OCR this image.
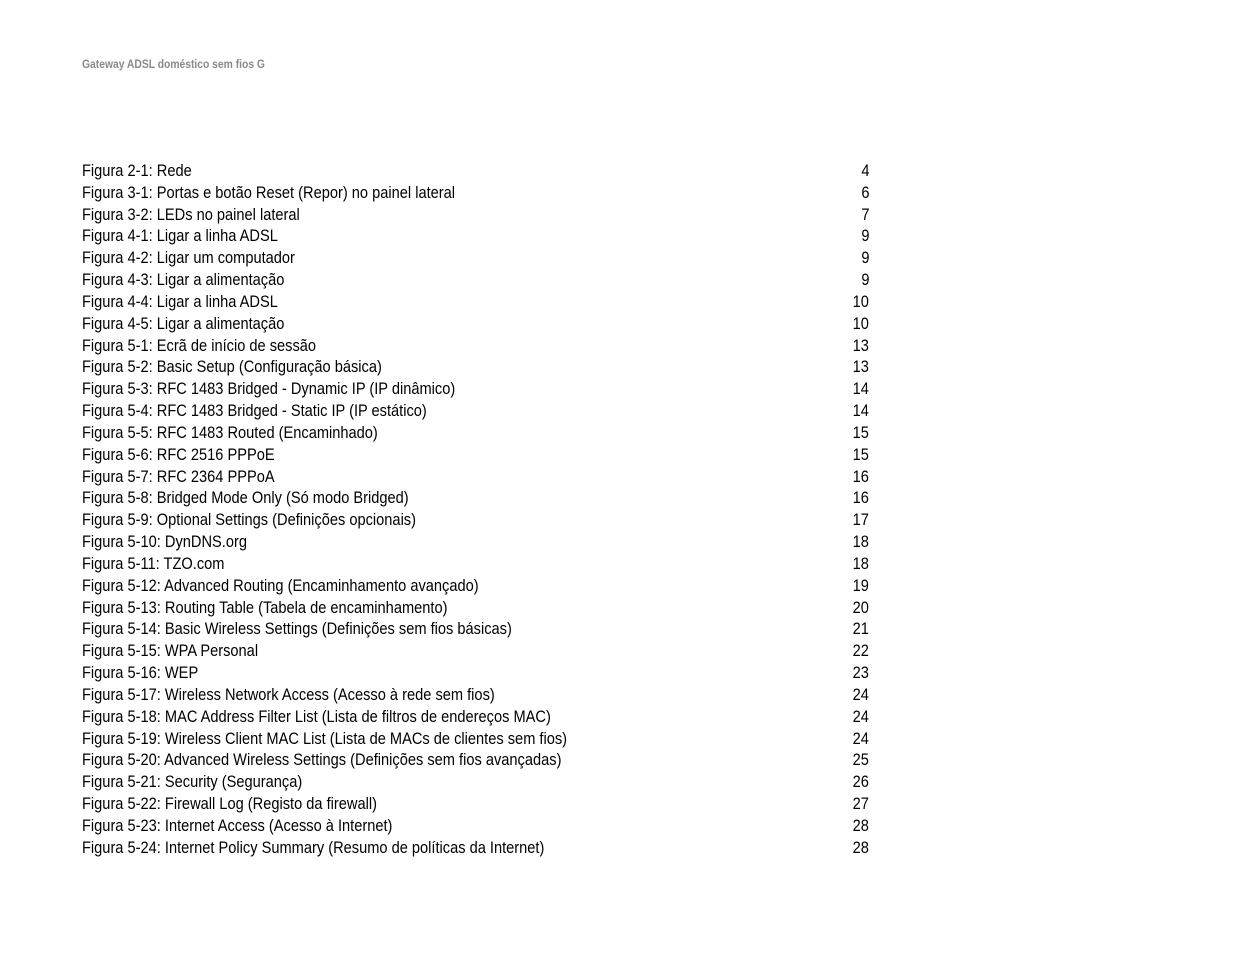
Gateway ADSL doméstico sem fios G
Figura 2-1: Rede	4
Figura 3-1: Portas e botão Reset (Repor) no painel lateral	6
Figura 3-2: LEDs no painel lateral	7
Figura 4-1: Ligar a linha ADSL	9
Figura 4-2: Ligar um computador	9
Figura 4-3: Ligar a alimentação	9
Figura 4-4: Ligar a linha ADSL	10
Figura 4-5: Ligar a alimentação	10
Figura 5-1: Ecrã de início de sessão	13
Figura 5-2: Basic Setup (Configuração básica)	13
Figura 5-3: RFC 1483 Bridged - Dynamic IP (IP dinâmico)	14
Figura 5-4: RFC 1483 Bridged - Static IP (IP estático)	14
Figura 5-5: RFC 1483 Routed (Encaminhado)	15
Figura 5-6: RFC 2516 PPPoE	15
Figura 5-7: RFC 2364 PPPoA	16
Figura 5-8: Bridged Mode Only (Só modo Bridged)	16
Figura 5-9: Optional Settings (Definições opcionais)	17
Figura 5-10: DynDNS.org	18
Figura 5-11: TZO.com	18
Figura 5-12: Advanced Routing (Encaminhamento avançado)	19
Figura 5-13: Routing Table (Tabela de encaminhamento)	20
Figura 5-14: Basic Wireless Settings (Definições sem fios básicas)	21
Figura 5-15: WPA Personal	22
Figura 5-16: WEP	23
Figura 5-17: Wireless Network Access (Acesso à rede sem fios)	24
Figura 5-18: MAC Address Filter List (Lista de filtros de endereços MAC)	24
Figura 5-19: Wireless Client MAC List (Lista de MACs de clientes sem fios)	24
Figura 5-20: Advanced Wireless Settings (Definições sem fios avançadas)	25
Figura 5-21: Security (Segurança)	26
Figura 5-22: Firewall Log (Registo da firewall)	27
Figura 5-23: Internet Access (Acesso à Internet)	28
Figura 5-24: Internet Policy Summary (Resumo de políticas da Internet)	28
